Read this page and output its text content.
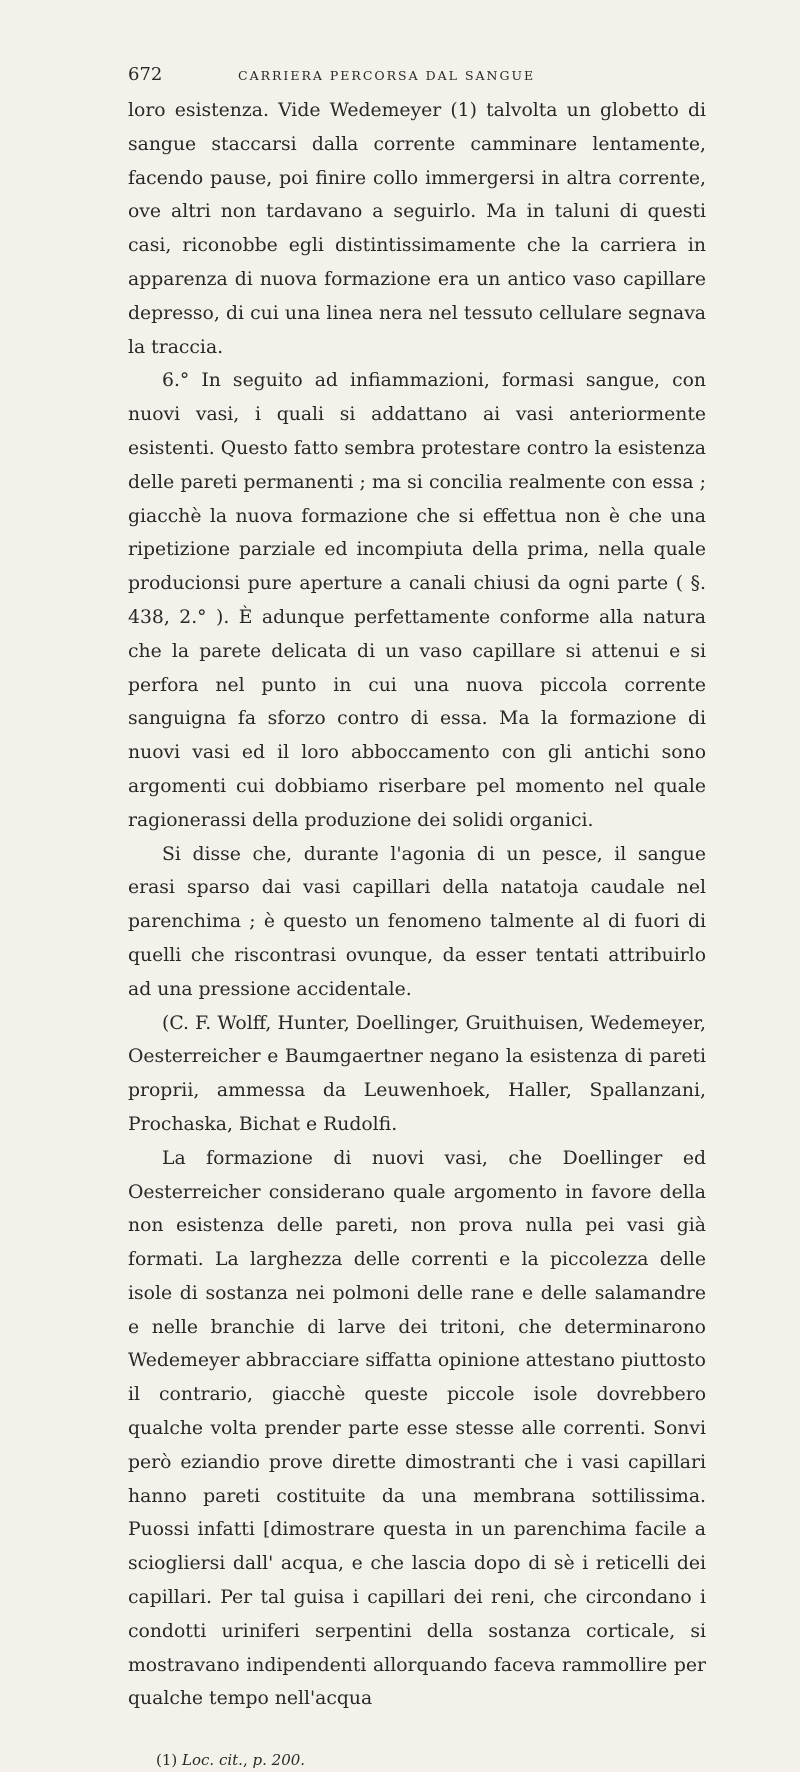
672	CARRIERA PERCORSA DAL SANGUE

loro esistenza. Vide Wedemeyer (1) talvolta un globetto di sangue staccarsi dalla corrente camminare lentamente, facendo pause, poi finire collo immergersi in altra corrente, ove altri non tardavano a seguirlo. Ma in taluni di questi casi, riconobbe egli distintissimamente che la carriera in apparenza di nuova formazione era un antico vaso capillare depresso, di cui una linea nera nel tessuto cellulare segnava la traccia.

6.° In seguito ad infiammazioni, formasi sangue, con nuovi vasi, i quali si addattano ai vasi anteriormente esistenti. Questo fatto sembra protestare contro la esistenza delle pareti permanenti ; ma si concilia realmente con essa ; giacchè la nuova formazione che si effettua non è che una ripetizione parziale ed incompiuta della prima, nella quale producionsi pure aperture a canali chiusi da ogni parte ( §. 438, 2.° ). È adunque perfettamente conforme alla natura che la parete delicata di un vaso capillare si attenui e si perfora nel punto in cui una nuova piccola corrente sanguigna fa sforzo contro di essa. Ma la formazione di nuovi vasi ed il loro abboccamento con gli antichi sono argomenti cui dobbiamo riserbare pel momento nel quale ragionerassi della produzione dei solidi organici.

Si disse che, durante l'agonia di un pesce, il sangue erasi sparso dai vasi capillari della natatoja caudale nel parenchima ; è questo un fenomeno talmente al di fuori di quelli che riscontrasi ovunque, da esser tentati attribuirlo ad una pressione accidentale.

(C. F. Wolff, Hunter, Doellinger, Gruithuisen, Wedemeyer, Oesterreicher e Baumgaertner negano la esistenza di pareti proprii, ammessa da Leuwenhoek, Haller, Spallanzani, Prochaska, Bichat e Rudolfi.

La formazione di nuovi vasi, che Doellinger ed Oesterreicher considerano quale argomento in favore della non esistenza delle pareti, non prova nulla pei vasi già formati. La larghezza delle correnti e la piccolezza delle isole di sostanza nei polmoni delle rane e delle salamandre e nelle branchie di larve dei tritoni, che determinarono Wedemeyer abbracciare siffatta opinione attestano piuttosto il contrario, giacchè queste piccole isole dovrebbero qualche volta prender parte esse stesse alle correnti. Sonvi però eziandio prove dirette dimostranti che i vasi capillari hanno pareti costituite da una membrana sottilissima. Puossi infatti [dimostrare questa in un parenchima facile a sciogliersi dall' acqua, e che lascia dopo di sè i reticelli dei capillari. Per tal guisa i capillari dei reni, che circondano i condotti uriniferi serpentini della sostanza corticale, si mostravano indipendenti allorquando faceva rammollire per qualche tempo nell'acqua

(1) Loc. cit., p. 200.
